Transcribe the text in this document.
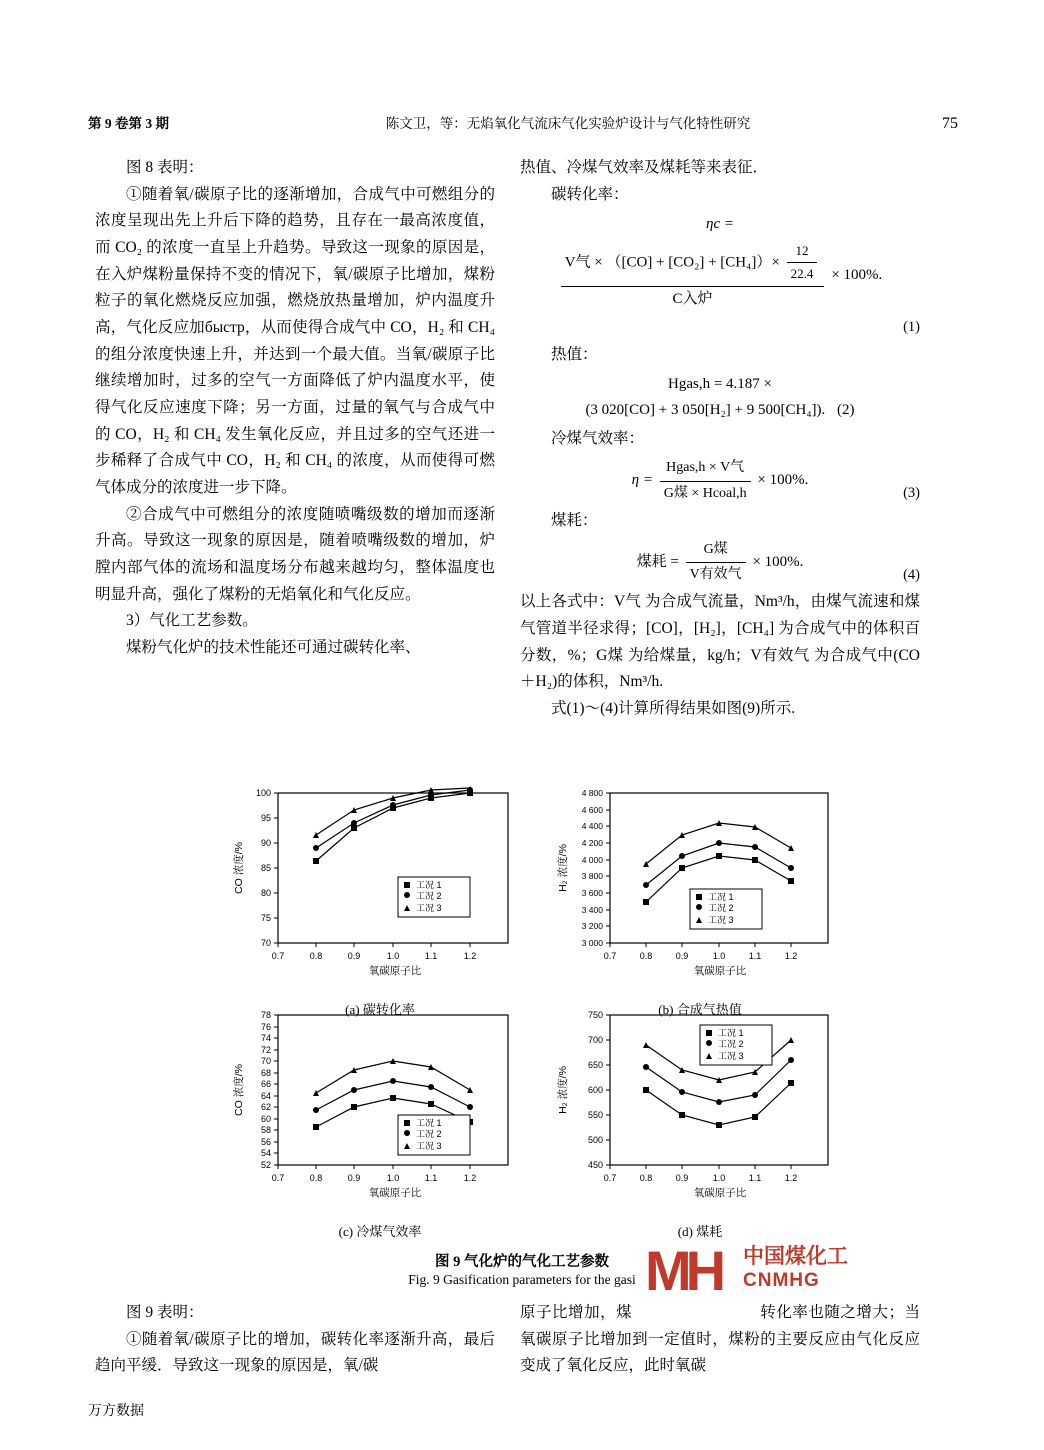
第 9 卷第 3 期	陈文卫，等：无焰氧化气流床气化实验炉设计与气化特性研究	75

图 8 表明：

①随着氧/碳原子比的逐渐增加，合成气中可燃组分的浓度呈现出先上升后下降的趋势，且存在一最高浓度值，而 CO₂ 的浓度一直呈上升趋势。导致这一现象的原因是，在入炉煤粉量保持不变的情况下，氧/碳原子比增加，煤粉粒子的氧化燃烧反应加强，燃烧放热量增加，炉内温度升高，气化反应加быстр，从而使得合成气中 CO，H₂ 和 CH₄ 的组分浓度快速上升，并达到一个最大值。当氧/碳原子比继续增加时，过多的空气一方面降低了炉内温度水平，使得气化反应速度下降；另一方面，过量的氧气与合成气中的 CO，H₂ 和 CH₄ 发生氧化反应，并且过多的空气还进一步稀释了合成气中 CO，H₂ 和 CH₄ 的浓度，从而使得可燃气体成分的浓度进一步下降。

②合成气中可燃组分的浓度随喷嘴级数的增加而逐渐升高。导致这一现象的原因是，随着喷嘴级数的增加，炉膛内部气体的流场和温度场分布越来越均匀，整体温度也明显升高，强化了煤粉的无焰氧化和气化反应。

3）气化工艺参数。

煤粉气化炉的技术性能还可通过碳转化率、

热值、冷煤气效率及煤耗等来表征．

碳转化率：

ηc =
V气 × $([CO] + [CO_2] + [CH_4])\times \frac{12}{22.4}$
C入炉
× 100%.
(1)

热值：

Hgas,h = 4.187 ×
(3 020[CO] + 3 050[H₂] + 9 500[CH₄]). (2)

冷煤气效率：

$\eta = \frac{\text{Hgas,h × V气}}{\text{G煤 × Hcoal,h}} \times 100\%$.
(3)

煤耗：

煤耗 = $\frac{\text{G煤}}{\text{V有效气}} \times 100\%$.
(4)

以上各式中：V气 为合成气流量，Nm³/h，由煤气流速和煤气管道半径求得；[CO]，[H₂]，[CH₄] 为合成气中的体积百分数，%；G煤 为给煤量，kg/h；V有效气 为合成气中(CO＋H₂)的体积，Nm³/h.

式(1)～(4)计算所得结果如图(9)所示.

0.7	0.8	0.9	1.0	1.1	1.2
70
75
80
85
90
95
100
氧碳原子比
CO 浓度/%	工况 1
工况 2
工况 3
(a) 碳转化率
0.7	0.8	0.9	1.0	1.1	1.2
3 000
3 200
3 400
3 600
3 800
4 000
4 200
4 400
4 600
4 800
氧碳原子比
H₂ 浓度/%
工况 1
工况 2
工况 3
(b) 合成气热值
0.7	0.8	0.9	1.0	1.1	1.2
52
54
56
58
60
62
64
66
68
70
72
74
76
78
氧碳原子比
CO 浓度/%
工况 1
工况 2
工况 3
(c) 冷煤气效率
0.7	0.8	0.9	1.0	1.1	1.2
450
500
550
600
650
700
750
氧碳原子比
H₂ 浓度/%
工况 1
工况 2
工况 3
(d) 煤耗
图 9 气化炉的气化工艺参数
Fig. 9 Gasification parameters for the gasi MH 中国煤化工
CNMHG

图 9 表明：

①随着氧/碳原子比的增加，碳转化率逐渐升高，最后趋向平缓．导致这一现象的原因是，氧/碳

原子比增加，煤　　　　　　　　转化率也随之增大；当氧碳原子比增加到一定值时，煤粉的主要反应由气化反应变成了氧化反应，此时氧碳

万方数据
